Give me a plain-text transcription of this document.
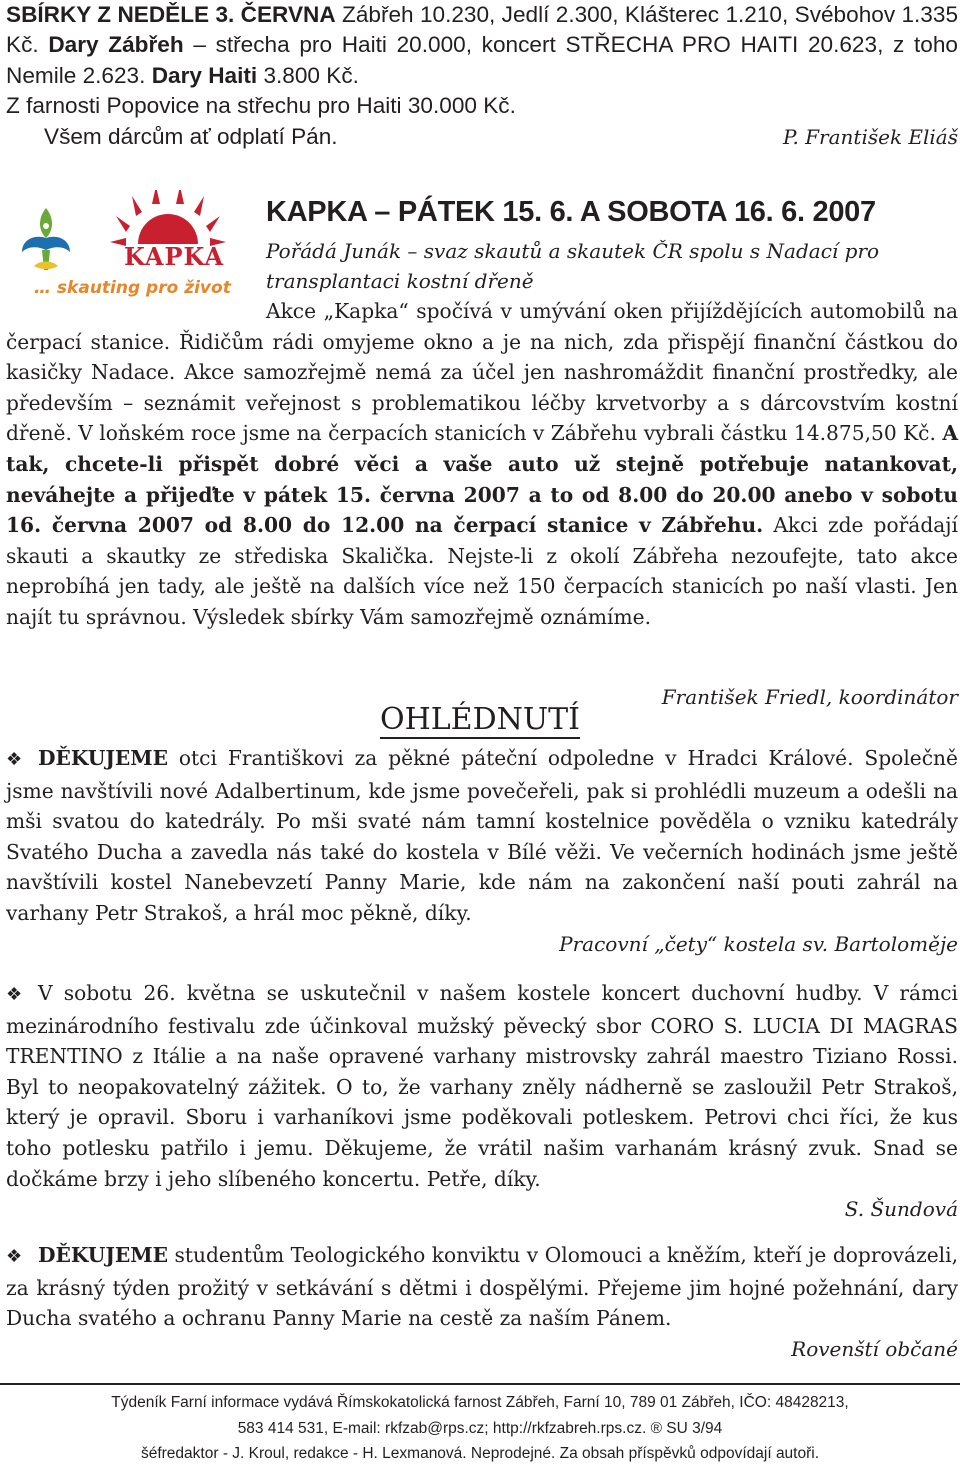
SBÍRKY Z NEDĚLE 3. ČERVNA Zábřeh 10.230, Jedlí 2.300, Klášterec 1.210, Svébohov 1.335 Kč. Dary Zábřeh – střecha pro Haiti 20.000, koncert STŘECHA PRO HAITI 20.623, z toho Nemile 2.623. Dary Haiti 3.800 Kč.
Z farnosti Popovice na střechu pro Haiti 30.000 Kč.
Všem dárcům ať odplatí Pán.	P. František Eliáš
KAPKA
… skauting pro život
KAPKA – PÁTEK 15. 6. A SOBOTA 16. 6. 2007
Pořádá Junák – svaz skautů a skautek ČR spolu s Nadací pro transplantaci kostní dřeně
Akce „Kapka“ spočívá v umývání oken přijíždějících automobilů na čerpací stanice. Řidičům rádi omyjeme okno a je na nich, zda přispějí finanční částkou do kasičky Nadace. Akce samozřejmě nemá za účel jen nashromáždit finanční prostředky, ale především – seznámit veřejnost s problematikou léčby krvetvorby a s dárcovstvím kostní dřeně. V loňském roce jsme na čerpacích stanicích v Zábřehu vybrali částku 14.875,50 Kč. A tak, chcete-li přispět dobré věci a vaše auto už stejně potřebuje natankovat, neváhejte a přijeďte v pátek 15. června 2007 a to od 8.00 do 20.00 anebo v sobotu 16. června 2007 od 8.00 do 12.00 na čerpací stanice v Zábřehu. Akci zde pořádají skauti a skautky ze střediska Skalička. Nejste-li z okolí Zábřeha nezoufejte, tato akce neprobíhá jen tady, ale ještě na dalších více než 150 čerpacích stanicích po naší vlasti. Jen najít tu správnou. Výsledek sbírky Vám samozřejmě oznámíme.
František Friedl, koordinátor
OHLÉDNUTÍ
❖ DĚKUJEME otci Františkovi za pěkné páteční odpoledne v Hradci Králové. Společně jsme navštívili nové Adalbertinum, kde jsme povečeřeli, pak si prohlédli muzeum a odešli na mši svatou do katedrály. Po mši svaté nám tamní kostelnice pověděla o vzniku katedrály Svatého Ducha a zavedla nás také do kostela v Bílé věži. Ve večerních hodinách jsme ještě navštívili kostel Nanebevzetí Panny Marie, kde nám na zakončení naší pouti zahrál na varhany Petr Strakoš, a hrál moc pěkně, díky.
Pracovní „čety“ kostela sv. Bartoloměje
❖ V sobotu 26. května se uskutečnil v našem kostele koncert duchovní hudby. V rámci mezinárodního festivalu zde účinkoval mužský pěvecký sbor CORO S. LUCIA DI MAGRAS TRENTINO z Itálie a na naše opravené varhany mistrovsky zahrál maestro Tiziano Rossi. Byl to neopakovatelný zážitek. O to, že varhany zněly nádherně se zasloužil Petr Strakoš, který je opravil. Sboru i varhaníkovi jsme poděkovali potleskem. Petrovi chci říci, že kus toho potlesku patřilo i jemu. Děkujeme, že vrátil našim varhanám krásný zvuk. Snad se dočkáme brzy i jeho slíbeného koncertu. Petře, díky.
S. Šundová
❖ DĚKUJEME studentům Teologického konviktu v Olomouci a kněžím, kteří je doprovázeli, za krásný týden prožitý v setkávání s dětmi i dospělými. Přejeme jim hojné požehnání, dary Ducha svatého a ochranu Panny Marie na cestě za naším Pánem.
Rovenští občané
Týdeník Farní informace vydává Římskokatolická farnost Zábřeh, Farní 10, 789 01 Zábřeh, IČO: 48428213,
583 414 531, E-mail: rkfzab@rps.cz; http://rkfzabreh.rps.cz. ® SU 3/94
šéfredaktor - J. Kroul, redakce - H. Lexmanová. Neprodejné. Za obsah příspěvků odpovídají autoři.
